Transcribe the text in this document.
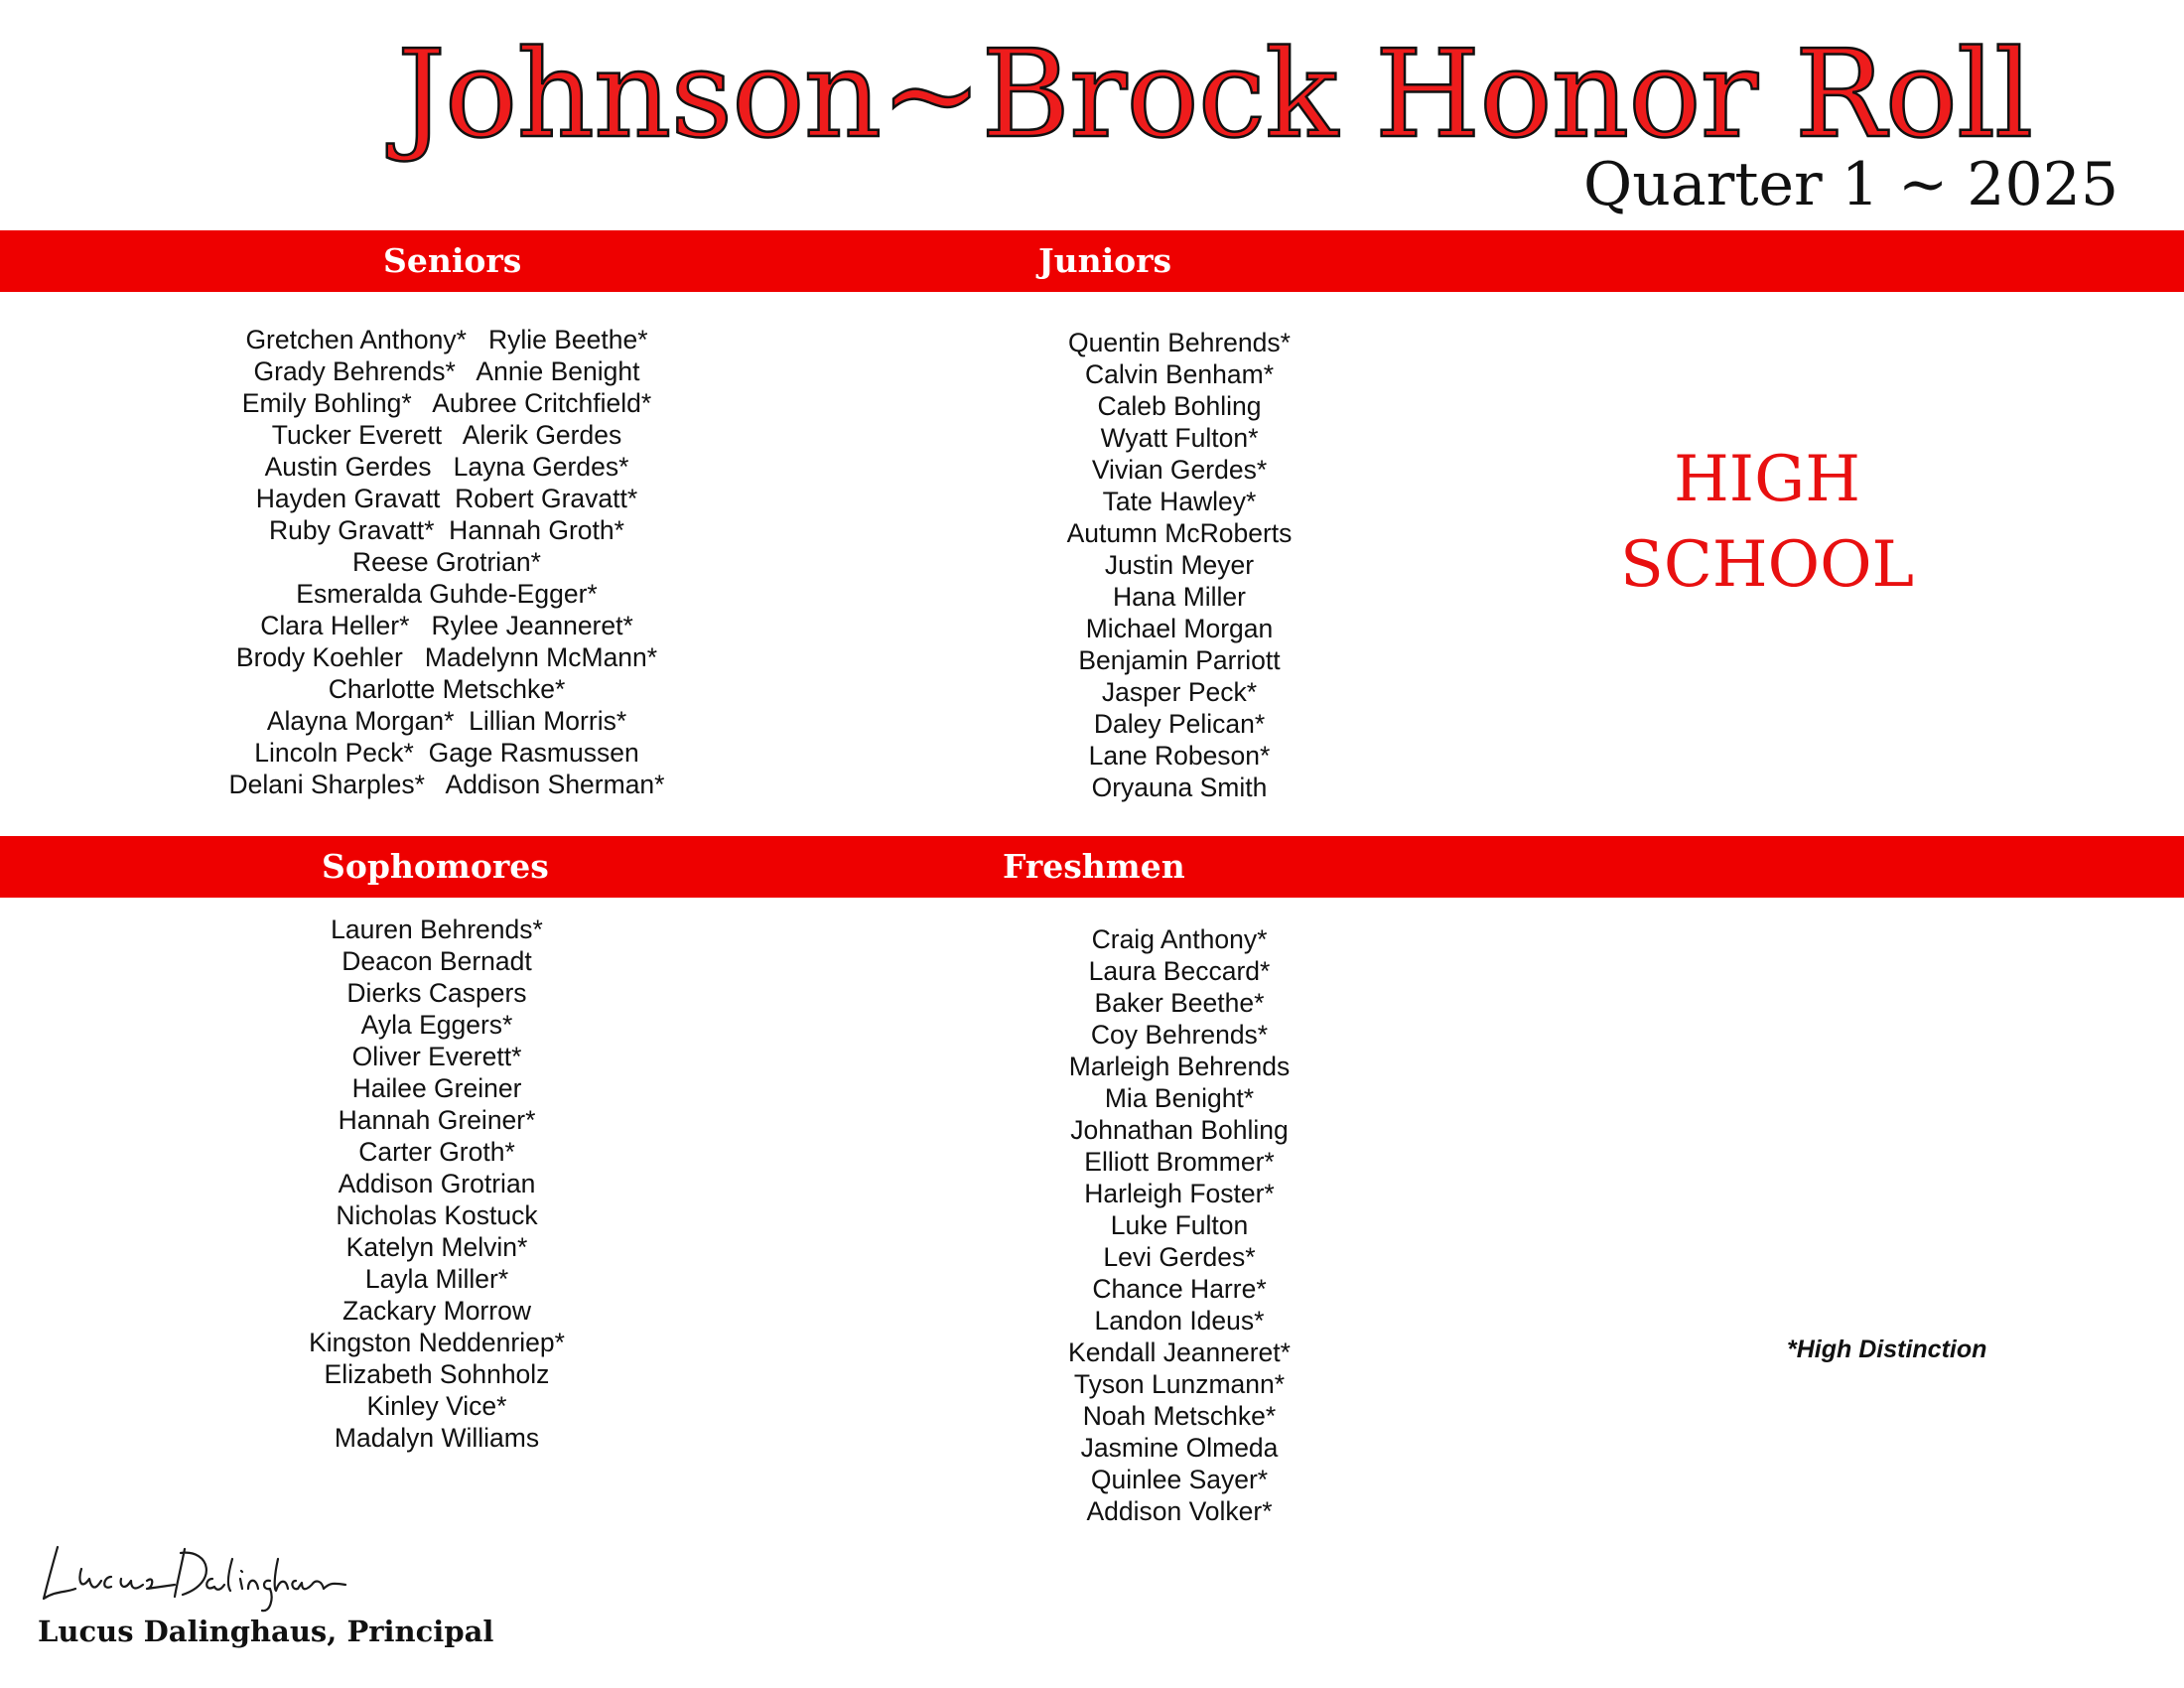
Johnson~Brock Honor Roll
Quarter 1 ~ 2025
Seniors	Juniors
Gretchen Anthony*   Rylie Beethe*
Grady Behrends*   Annie Benight
Emily Bohling*   Aubree Critchfield*
Tucker Everett   Alerik Gerdes
Austin Gerdes   Layna Gerdes*
Hayden Gravatt  Robert Gravatt*
Ruby Gravatt*  Hannah Groth*
Reese Grotrian*
Esmeralda Guhde-Egger*
Clara Heller*   Rylee Jeanneret*
Brody Koehler   Madelynn McMann*
Charlotte Metschke*
Alayna Morgan*  Lillian Morris*
Lincoln Peck*  Gage Rasmussen
Delani Sharples*   Addison Sherman*
Quentin Behrends*
Calvin Benham*
Caleb Bohling
Wyatt Fulton*
Vivian Gerdes*
Tate Hawley*
Autumn McRoberts
Justin Meyer
Hana Miller
Michael Morgan
Benjamin Parriott
Jasper Peck*
Daley Pelican*
Lane Robeson*
Oryauna Smith
HIGH
SCHOOL
Sophomores	Freshmen
Lauren Behrends*
Deacon Bernadt
Dierks Caspers
Ayla Eggers*
Oliver Everett*
Hailee Greiner
Hannah Greiner*
Carter Groth*
Addison Grotrian
Nicholas Kostuck
Katelyn Melvin*
Layla Miller*
Zackary Morrow
Kingston Neddenriep*
Elizabeth Sohnholz
Kinley Vice*
Madalyn Williams
Craig Anthony*
Laura Beccard*
Baker Beethe*
Coy Behrends*
Marleigh Behrends
Mia Benight*
Johnathan Bohling
Elliott Brommer*
Harleigh Foster*
Luke Fulton
Levi Gerdes*
Chance Harre*
Landon Ideus*
Kendall Jeanneret*
Tyson Lunzmann*
Noah Metschke*
Jasmine Olmeda
Quinlee Sayer*
Addison Volker*
*High Distinction
Lucus Dalinghaus, Principal
